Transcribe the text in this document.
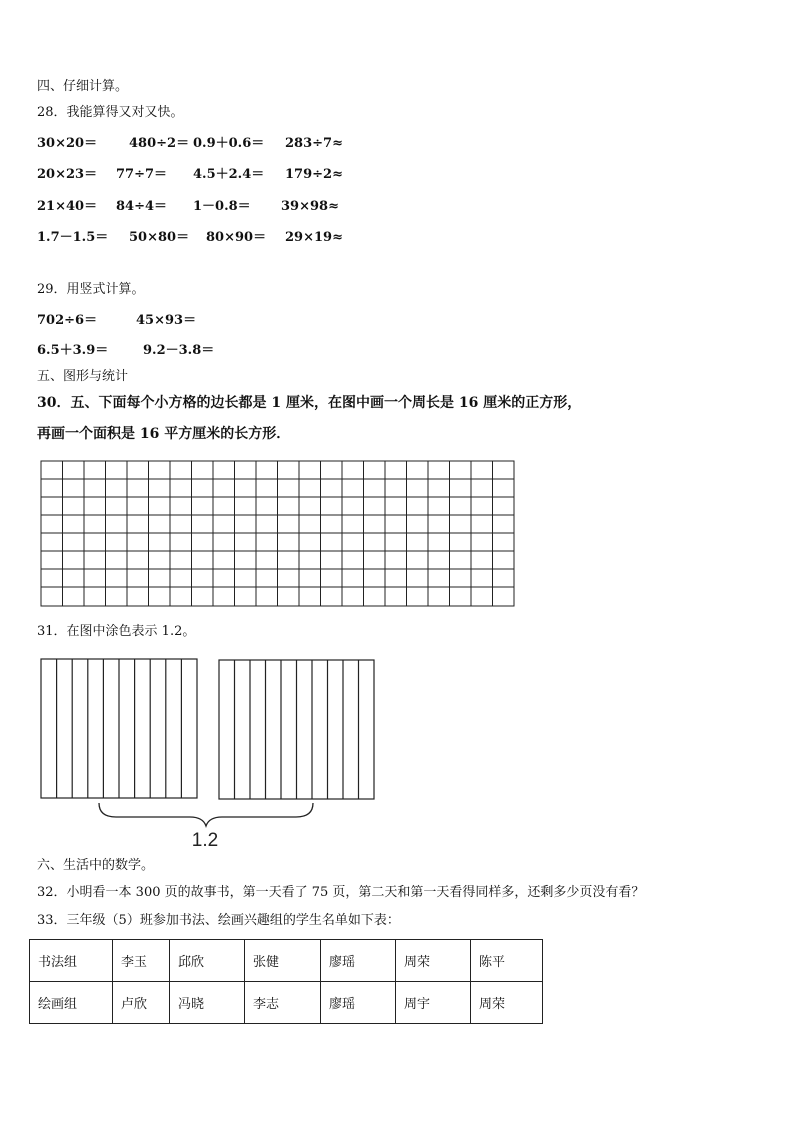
四、仔细计算。
28．我能算得又对又快。
30×20＝ 480÷2＝ 0.9＋0.6＝ 283÷7≈
20×23＝ 77÷7＝ 4.5＋2.4＝ 179÷2≈
21×40＝ 84÷4＝ 1－0.8＝ 39×98≈
1.7－1.5＝ 50×80＝ 80×90＝ 29×19≈
29．用竖式计算。
702÷6＝	45×93＝
6.5＋3.9＝	9.2－3.8＝
五、图形与统计
30．五、下面每个小方格的边长都是 1 厘米，在图中画一个周长是 16 厘米的正方形，
再画一个面积是 16 平方厘米的长方形．
1.2
31．在图中涂色表示 1.2。
六、生活中的数学。
32．小明看一本 300 页的故事书，第一天看了 75 页，第二天和第一天看得同样多，还剩多少页没有看？
33．三年级（5）班参加书法、绘画兴趣组的学生名单如下表：
书法组	李玉	邱欣	张健	廖瑶	周荣	陈平
绘画组	卢欣	冯晓	李志	廖瑶	周宇	周荣
